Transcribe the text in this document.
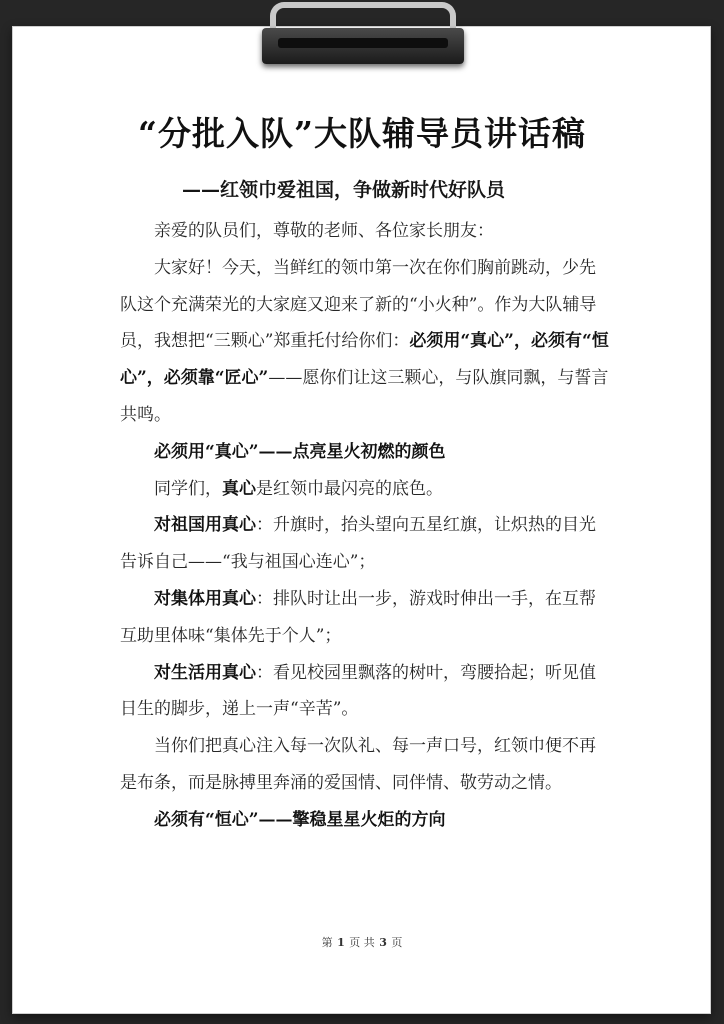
“分批入队”大队辅导员讲话稿
——红领巾爱祖国，争做新时代好队员

亲爱的队员们，尊敬的老师、各位家长朋友：

大家好！今天，当鲜红的领巾第一次在你们胸前跳动，少先队这个充满荣光的大家庭又迎来了新的“小火种”。作为大队辅导员，我想把“三颗心”郑重托付给你们：必须用“真心”，必须有“恒心”，必须靠“匠心”——愿你们让这三颗心，与队旗同飘，与誓言共鸣。

必须用“真心”——点亮星火初燃的颜色

同学们，真心是红领巾最闪亮的底色。

对祖国用真心：升旗时，抬头望向五星红旗，让炽热的目光告诉自己——“我与祖国心连心”；

对集体用真心：排队时让出一步，游戏时伸出一手，在互帮互助里体味“集体先于个人”；

对生活用真心：看见校园里飘落的树叶，弯腰拾起；听见值日生的脚步，递上一声“辛苦”。

当你们把真心注入每一次队礼、每一声口号，红领巾便不再是布条，而是脉搏里奔涌的爱国情、同伴情、敬劳动之情。

必须有“恒心”——擎稳星星火炬的方向

第 1 页 共 3 页
